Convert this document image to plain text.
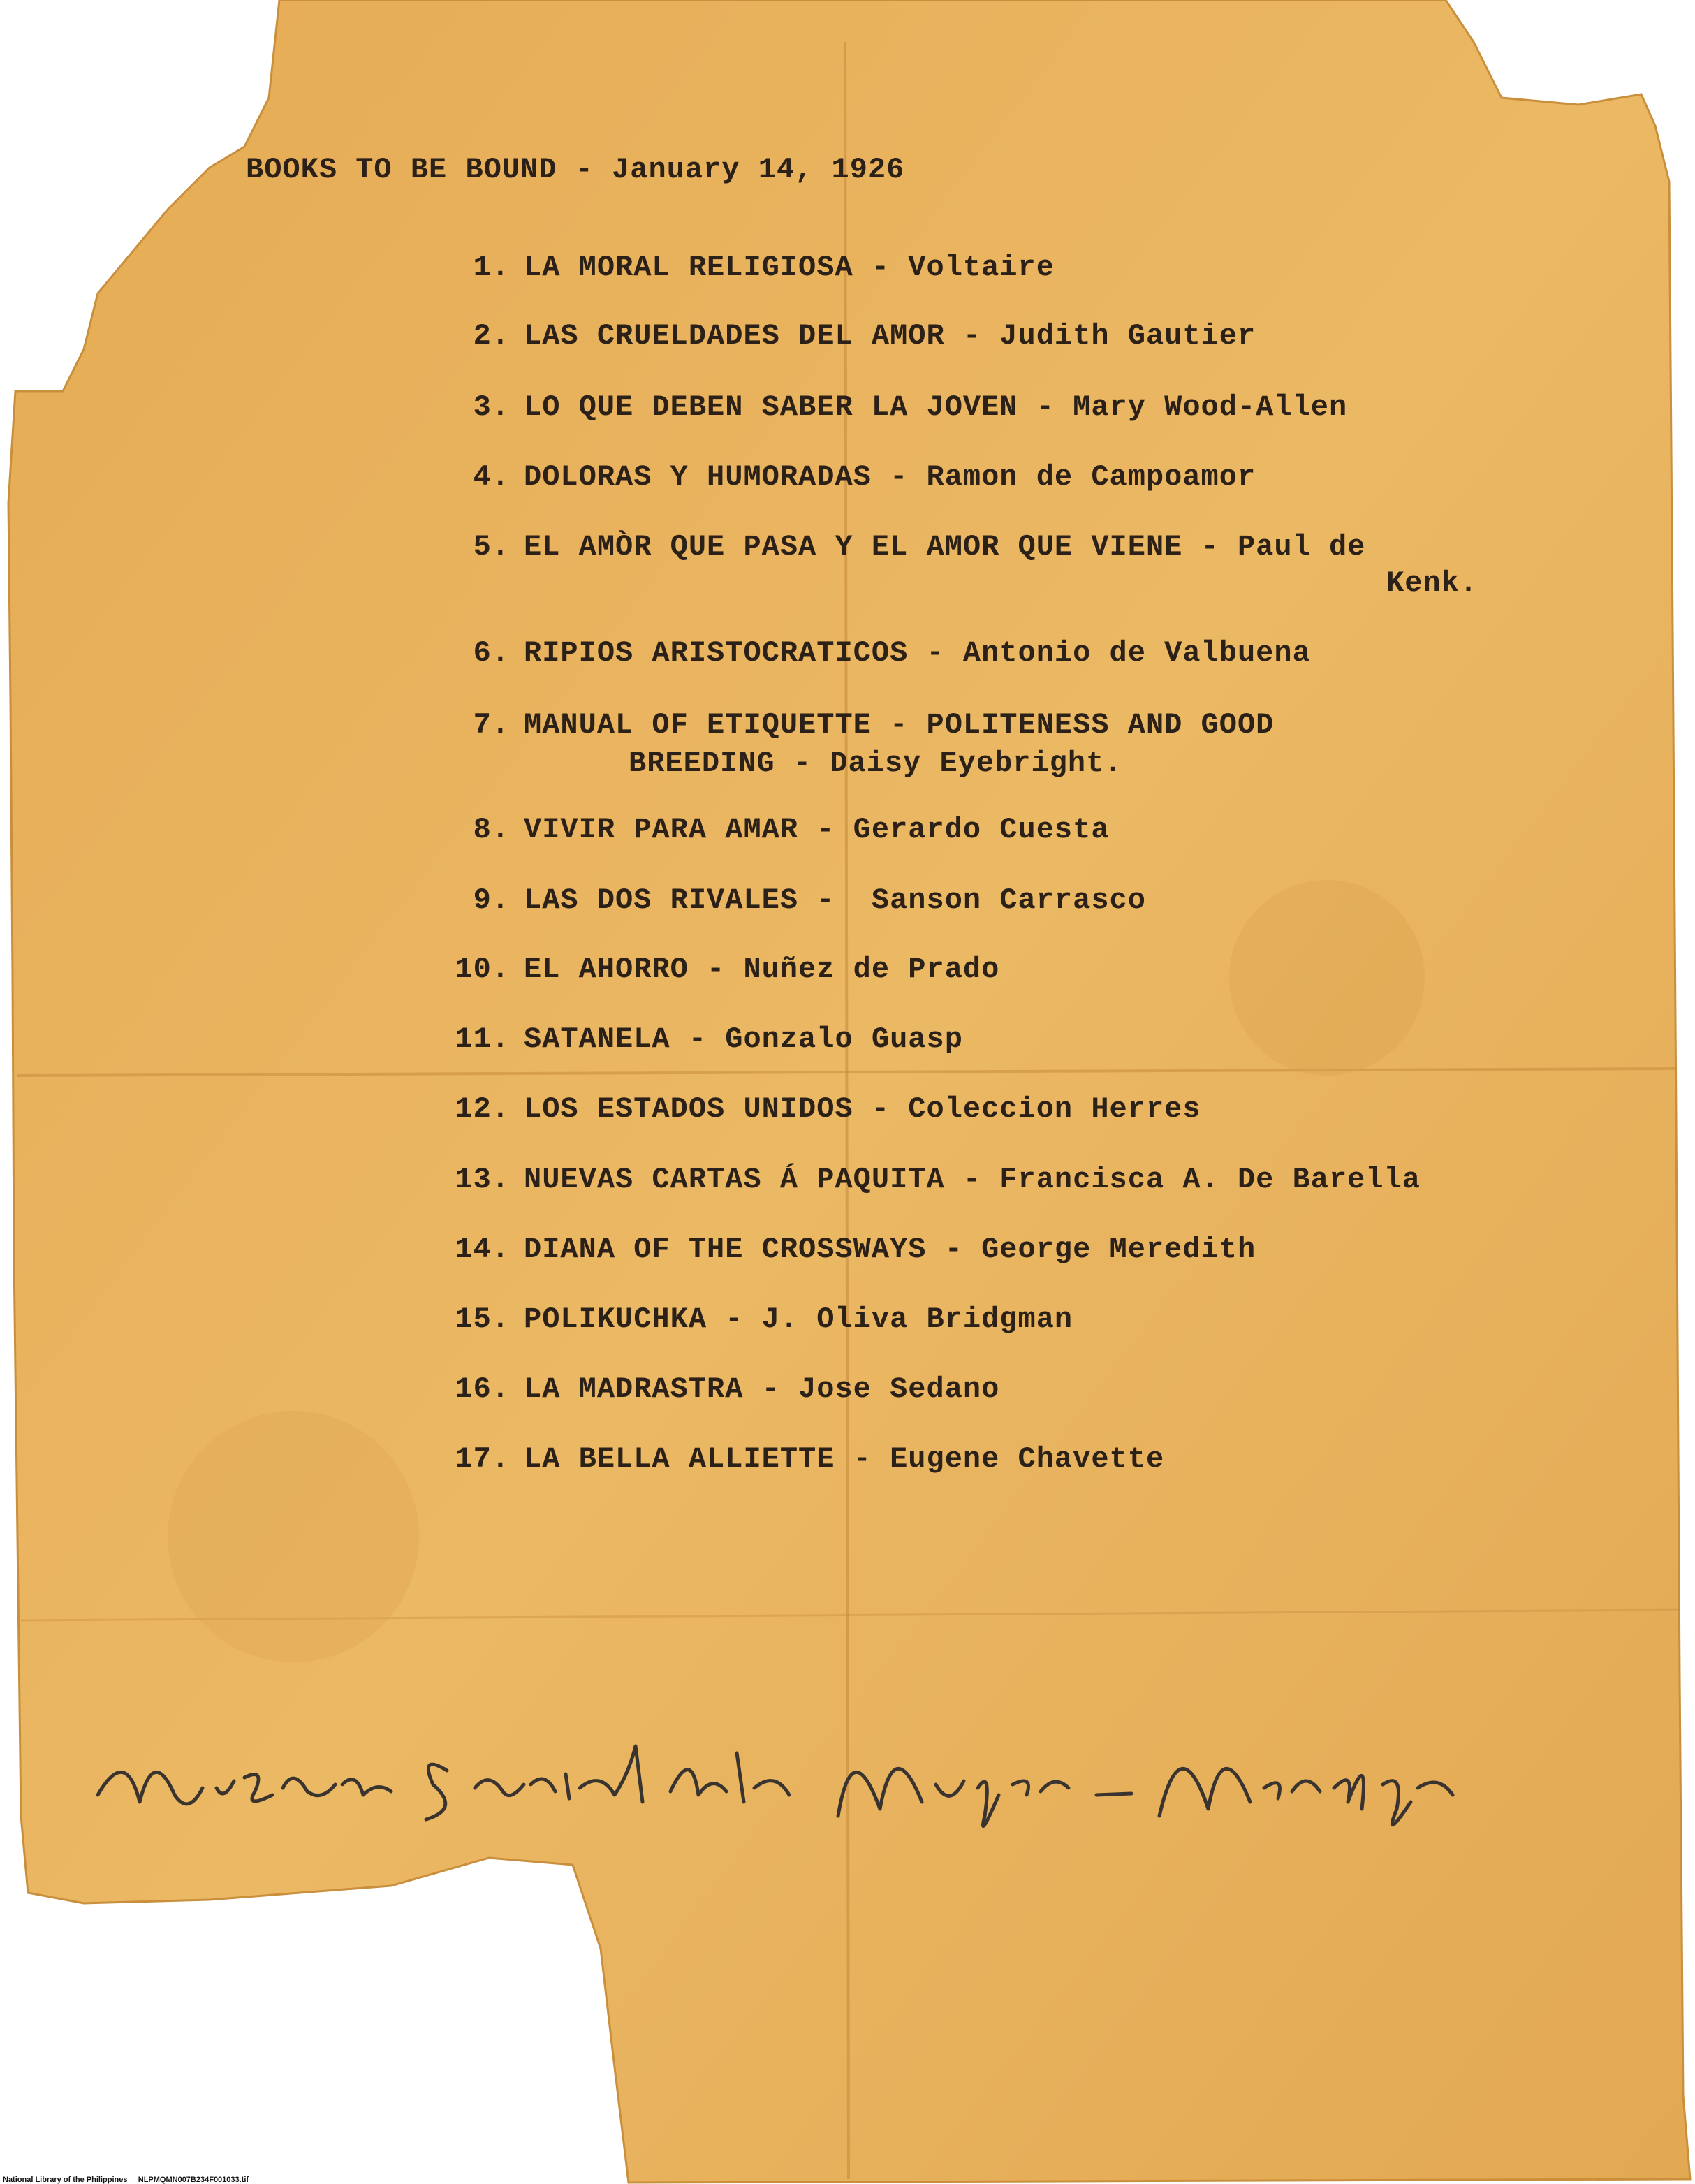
BOOKS TO BE BOUND - January 14, 1926
1. LA MORAL RELIGIOSA - Voltaire
2. LAS CRUELDADES DEL AMOR - Judith Gautier
3. LO QUE DEBEN SABER LA JOVEN - Mary Wood-Allen
4. DOLORAS Y HUMORADAS - Ramon de Campoamor
5. EL AMÒR QUE PASA Y EL AMOR QUE VIENE - Paul de
Kenk.
6. RIPIOS ARISTOCRATICOS - Antonio de Valbuena
7. MANUAL OF ETIQUETTE - POLITENESS AND GOOD
BREEDING - Daisy Eyebright.
8. VIVIR PARA AMAR - Gerardo Cuesta
9. LAS DOS RIVALES -  Sanson Carrasco
10. EL AHORRO - Nuñez de Prado
11. SATANELA - Gonzalo Guasp
12. LOS ESTADOS UNIDOS - Coleccion Herres
13. NUEVAS CARTAS Á PAQUITA - Francisca A. De Barella
14. DIANA OF THE CROSSWAYS - George Meredith
15. POLIKUCHKA - J. Oliva Bridgman
16. LA MADRASTRA - Jose Sedano
17. LA BELLA ALLIETTE - Eugene Chavette
Mision Social dela Mujer - Mendoza
National Library of the Philippines     NLPMQMN007B234F001033.tif
